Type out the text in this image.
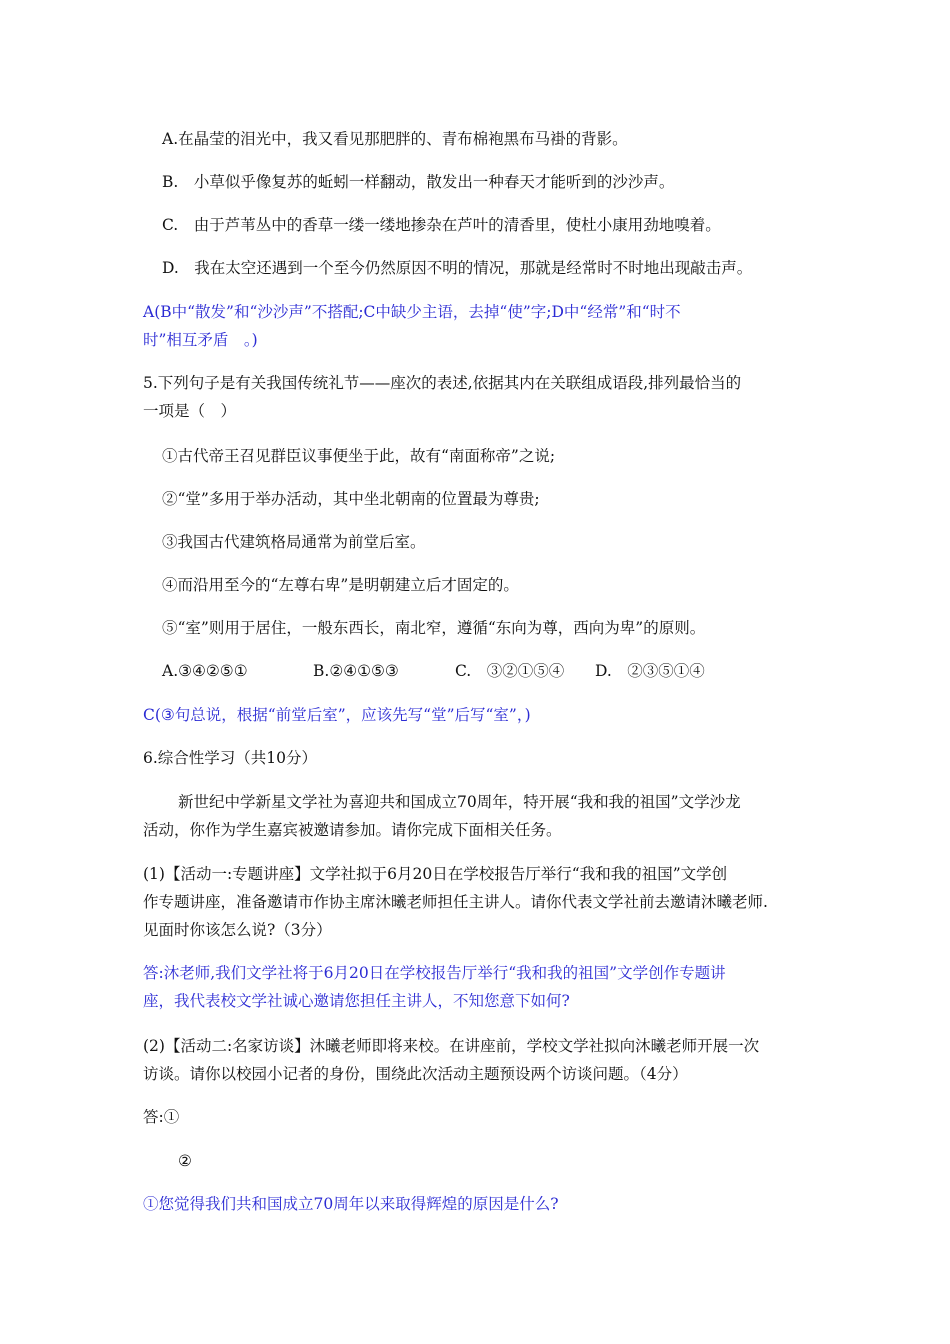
A.在晶莹的泪光中，我又看见那肥胖的、青布棉袍黑布马褂的背影。
B.　小草似乎像复苏的蚯蚓一样翻动，散发出一种春天才能听到的沙沙声。
C.　由于芦苇丛中的香草一缕一缕地掺杂在芦叶的清香里，使杜小康用劲地嗅着。
D.　我在太空还遇到一个至今仍然原因不明的情况，那就是经常时不时地出现敲击声。
A(B中“散发”和“沙沙声”不搭配;C中缺少主语，去掉“使”字;D中“经常”和“时不
时”相互矛盾　。)
5.下列句子是有关我国传统礼节——座次的表述,依据其内在关联组成语段,排列最恰当的
一项是（　）
①古代帝王召见群臣议事便坐于此，故有“南面称帝”之说;
②“堂”多用于举办活动，其中坐北朝南的位置最为尊贵;
③我国古代建筑格局通常为前堂后室。
④而沿用至今的“左尊右卑”是明朝建立后才固定的。
⑤“室”则用于居住，一般东西长，南北窄，遵循“东向为尊，西向为卑”的原则。
A.③④②⑤①	B.②④①⑤③	C.　③②①⑤④ D.　②③⑤①④
C(③句总说，根据“前堂后室”，应该先写“堂”后写“室”，)
6.综合性学习（共10分）
新世纪中学新星文学社为喜迎共和国成立70周年，特开展“我和我的祖国”文学沙龙
活动，你作为学生嘉宾被邀请参加。请你完成下面相关任务。
(1)【活动一:专题讲座】文学社拟于6月20日在学校报告厅举行“我和我的祖国”文学创
作专题讲座，准备邀请市作协主席沐曦老师担任主讲人。请你代表文学社前去邀请沐曦老师.
见面时你该怎么说?（3分）
答:沐老师,我们文学社将于6月20日在学校报告厅举行“我和我的祖国”文学创作专题讲
座，我代表校文学社诚心邀请您担任主讲人，不知您意下如何?
(2)【活动二:名家访谈】沐曦老师即将来校。在讲座前，学校文学社拟向沐曦老师开展一次
访谈。请你以校园小记者的身份，围绕此次活动主题预设两个访谈问题。（4分）
答:①
②
①您觉得我们共和国成立70周年以来取得辉煌的原因是什么?
